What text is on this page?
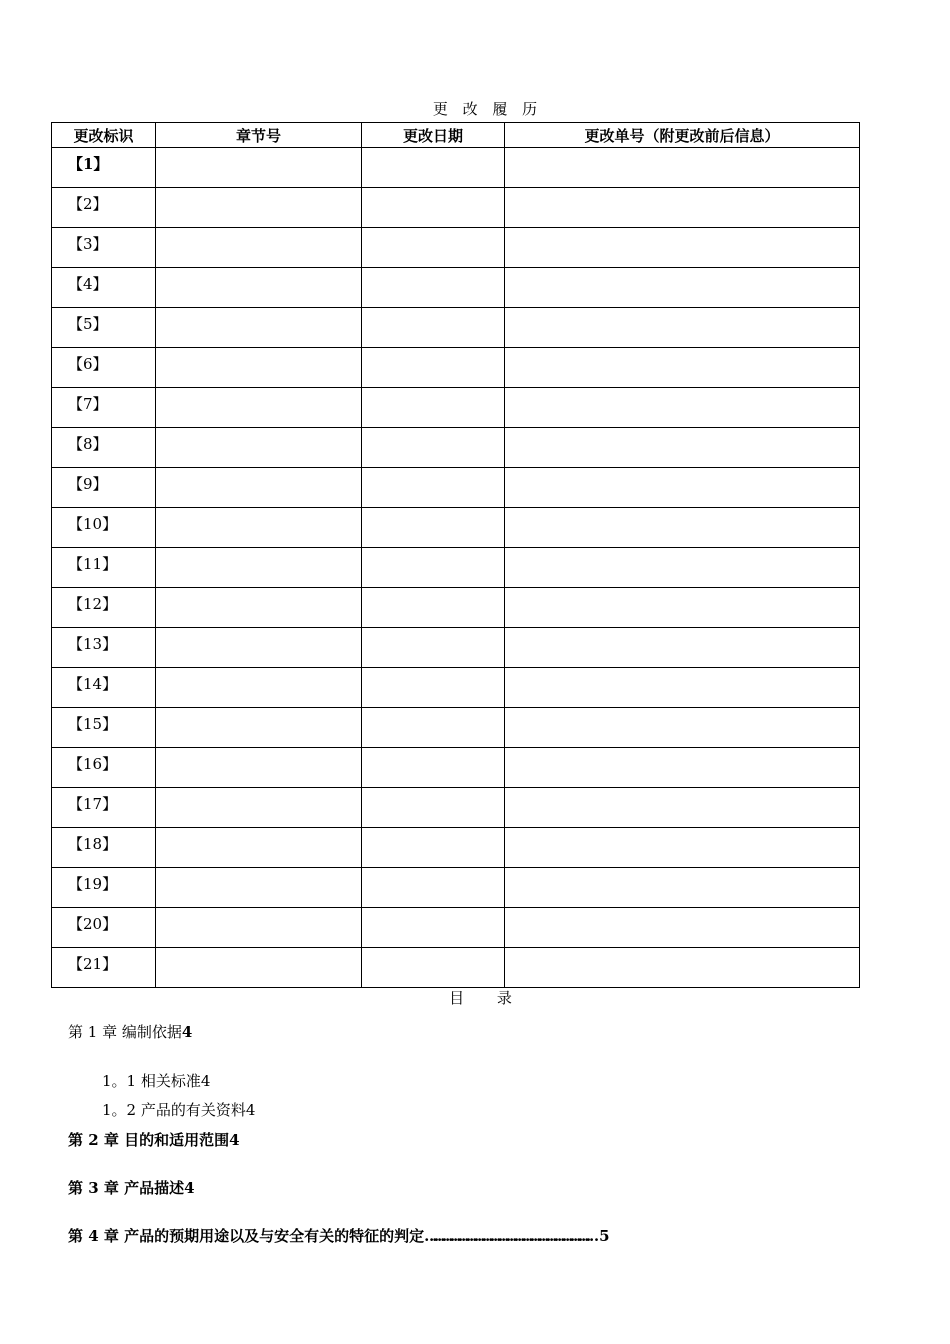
更 改 履 历
更改标识	章节号	更改日期	更改单号（附更改前后信息）
【1】			
【2】			
【3】			
【4】			
【5】			
【6】			
【7】			
【8】			
【9】			
【10】			
【11】			
【12】			
【13】			
【14】			
【15】			
【16】			
【17】			
【18】			
【19】			
【20】			
【21】			
目 录
第 1 章 编制依据4
1。1 相关标准4
1。2 产品的有关资料4
第 2 章 目的和适用范围4
第 3 章 产品描述4
第 4 章 产品的预期用途以及与安全有关的特征的判定……………………………………………………… 5
